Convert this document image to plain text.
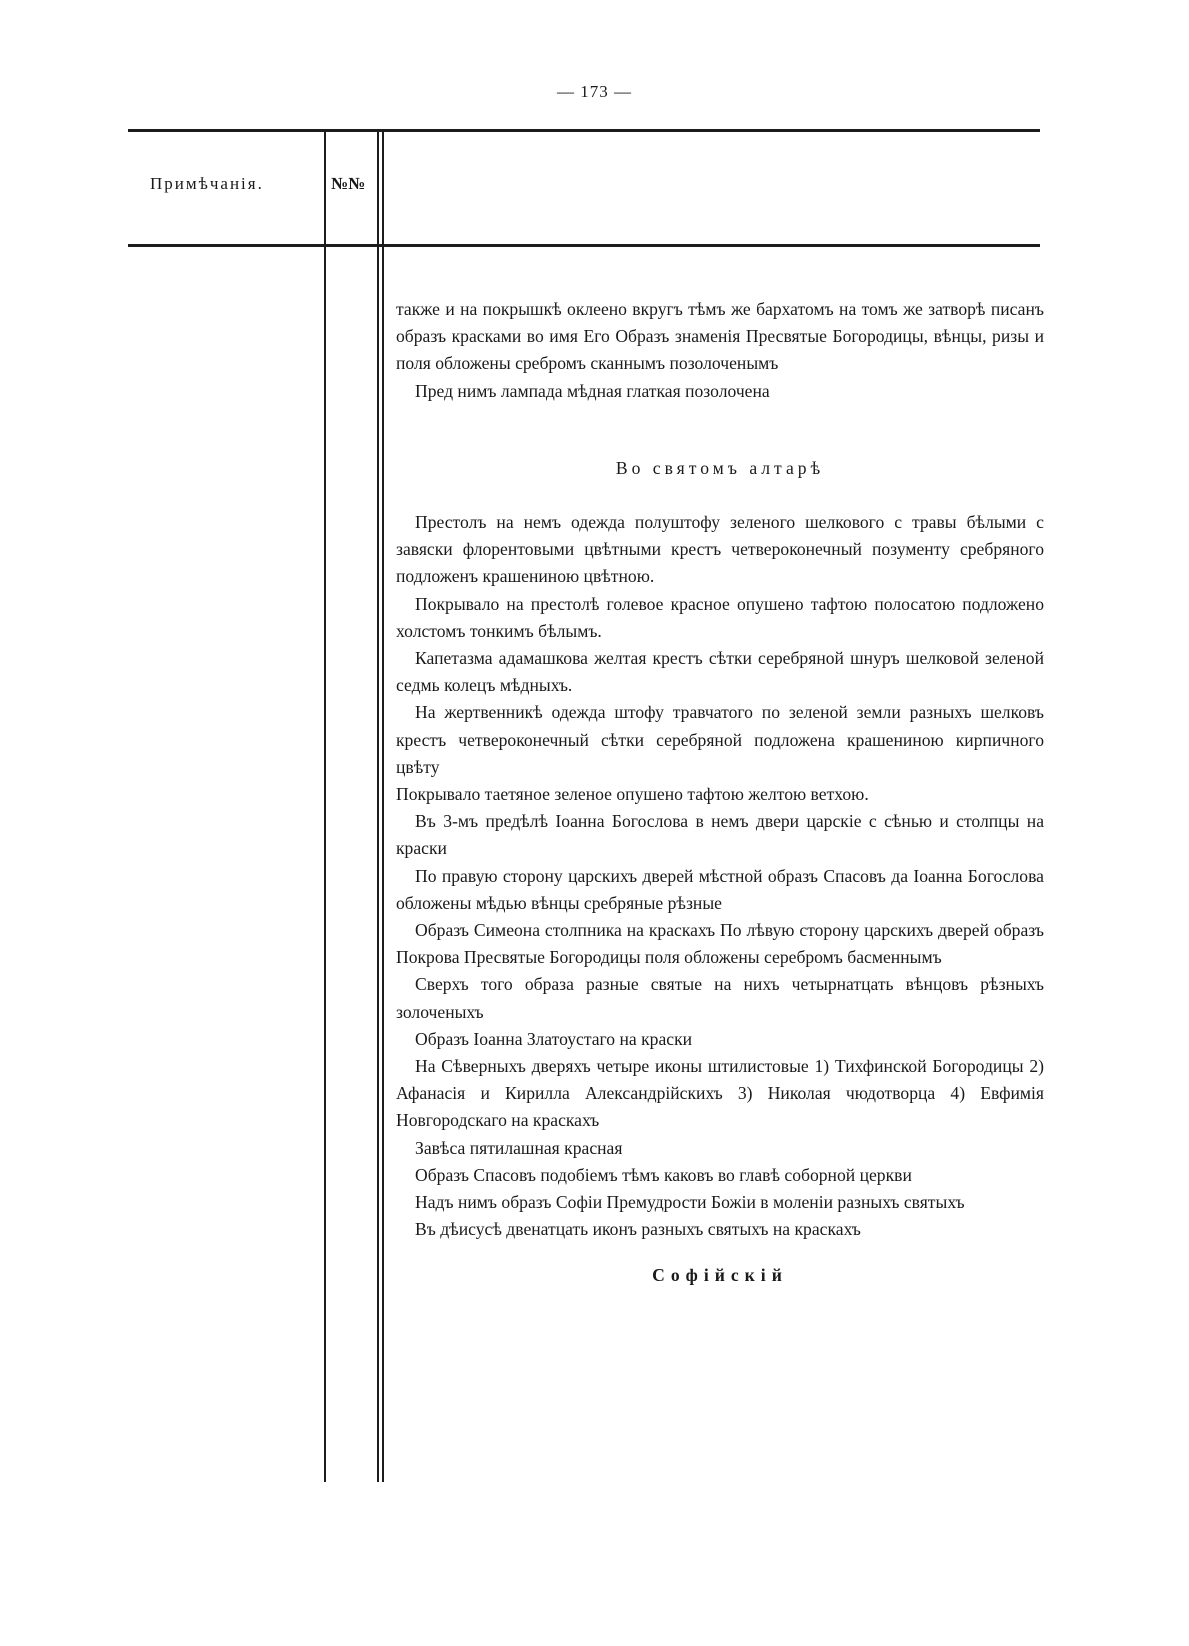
— 173 —
Примѣчанія.	№№

также и на покрышкѣ оклеено вкругъ тѣмъ же бархатомъ на томъ же затворѣ писанъ образъ красками во имя Его Образъ знаменія Пресвятые Богородицы, вѣнцы, ризы и поля обложены сребромъ сканнымъ позолоченымъ

Пред нимъ лампада мѣдная глаткая позолочена

Во святомъ алтарѣ

Престолъ на немъ одежда полуштофу зеленого шелкового с травы бѣлыми с завяски флорентовыми цвѣтными крестъ четвероконечный позументу сребряного подложенъ крашениною цвѣтною.

Покрывало на престолѣ голевое красное опушено тафтою полосатою подложено холстомъ тонкимъ бѣлымъ.

Капетазма адамашкова желтая крестъ сѣтки серебряной шнуръ шелковой зеленой седмь колецъ мѣдныхъ.

На жертвенникѣ одежда штофу травчатого по зеленой земли разныхъ шелковъ крестъ четвероконечный сѣтки серебряной подложена крашениною кирпичного цвѣту

Покрывало таетяное зеленое опушено тафтою желтою ветхою.

Въ 3-мъ предѣлѣ Іоанна Богослова в немъ двери царскіе с сѣнью и столпцы на краски

По правую сторону царскихъ дверей мѣстной образъ Спасовъ да Іоанна Богослова обложены мѣдью вѣнцы сребряные рѣзные

Образъ Симеона столпника на краскахъ По лѣвую сторону царскихъ дверей образъ Покрова Пресвятые Богородицы поля обложены серебромъ басменнымъ

Сверхъ того образа разные святые на нихъ четырнатцать вѣнцовъ рѣзныхъ золоченыхъ

Образъ Іоанна Златоустаго на краски

На Сѣверныхъ дверяхъ четыре иконы штилистовые 1) Тихфинской Богородицы 2) Афанасія и Кирилла Александрійскихъ 3) Николая чюдотворца 4) Евфимія Новгородскаго на краскахъ

Завѣса пятилашная красная

Образъ Спасовъ подобіемъ тѣмъ каковъ во главѣ соборной церкви

Надъ нимъ образъ Софіи Премудрости Божіи в моленіи разныхъ святыхъ

Въ дѣисусѣ двенатцать иконъ разныхъ святыхъ на краскахъ

Софійскій
